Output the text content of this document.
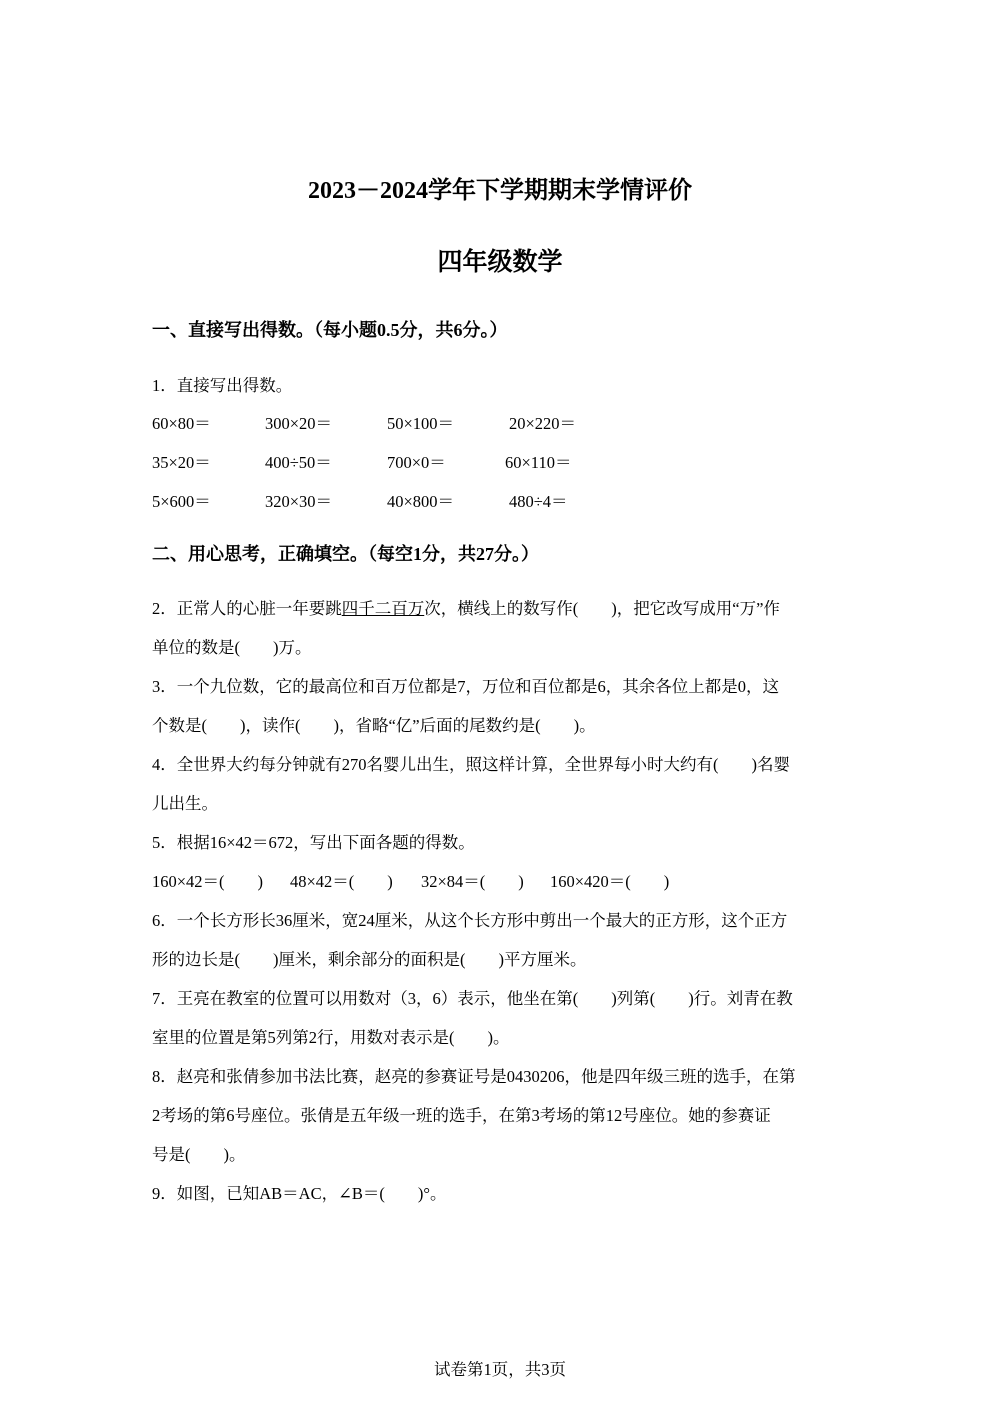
2023－2024学年下学期期末学情评价
四年级数学
一、直接写出得数。（每小题0.5分，共6分。）
1．直接写出得数。
60×80＝	300×20＝	50×100＝	20×220＝
35×20＝	400÷50＝	700×0＝	60×110＝
5×600＝	320×30＝	40×800＝	480÷4＝
二、用心思考，正确填空。（每空1分，共27分。）
2．正常人的心脏一年要跳四千二百万次，横线上的数写作(　　)，把它改写成用“万”作
单位的数是(　　)万。
3．一个九位数，它的最高位和百万位都是7，万位和百位都是6，其余各位上都是0，这
个数是(　　)，读作(　　)，省略“亿”后面的尾数约是(　　)。
4．全世界大约每分钟就有270名婴儿出生，照这样计算，全世界每小时大约有(　　)名婴
儿出生。
5．根据16×42＝672，写出下面各题的得数。
160×42＝(　　) 48×42＝(　　) 32×84＝(　　) 160×420＝(　　)
6．一个长方形长36厘米，宽24厘米，从这个长方形中剪出一个最大的正方形，这个正方
形的边长是(　　)厘米，剩余部分的面积是(　　)平方厘米。
7．王亮在教室的位置可以用数对（3，6）表示，他坐在第(　　)列第(　　)行。刘青在教
室里的位置是第5列第2行，用数对表示是(　　)。
8．赵亮和张倩参加书法比赛，赵亮的参赛证号是0430206，他是四年级三班的选手，在第
2考场的第6号座位。张倩是五年级一班的选手，在第3考场的第12号座位。她的参赛证
号是(　　)。
9．如图，已知AB＝AC，∠B＝(　　)°。
试卷第1页，共3页
